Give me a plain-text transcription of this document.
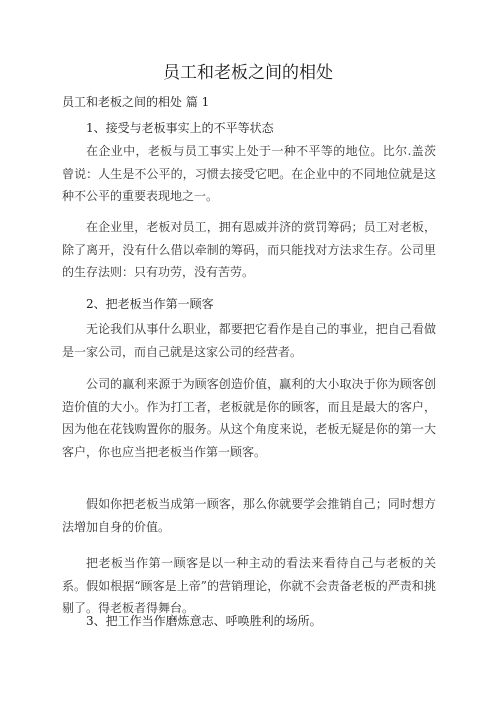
员工和老板之间的相处
员工和老板之间的相处 篇 1

1、接受与老板事实上的不平等状态

在企业中，老板与员工事实上处于一种不平等的地位。比尔.盖茨曾说：人生是不公平的，习惯去接受它吧。在企业中的不同地位就是这种不公平的重要表现地之一。

在企业里，老板对员工，拥有恩威并济的赏罚筹码；员工对老板，除了离开，没有什么借以牵制的筹码，而只能找对方法求生存。公司里的生存法则：只有功劳，没有苦劳。

2、把老板当作第一顾客

无论我们从事什么职业，都要把它看作是自己的事业，把自己看做是一家公司，而自己就是这家公司的经营者。

公司的赢利来源于为顾客创造价值，赢利的大小取决于你为顾客创造价值的大小。作为打工者，老板就是你的顾客，而且是最大的客户，因为他在花钱购置你的服务。从这个角度来说，老板无疑是你的第一大客户，你也应当把老板当作第一顾客。

假如你把老板当成第一顾客，那么你就要学会推销自己；同时想方法增加自身的价值。

把老板当作第一顾客是以一种主动的看法来看待自己与老板的关系。假如根据“顾客是上帝”的营销理论，你就不会责备老板的严责和挑剔了。得老板者得舞台。

3、把工作当作磨炼意志、呼唤胜利的场所。
